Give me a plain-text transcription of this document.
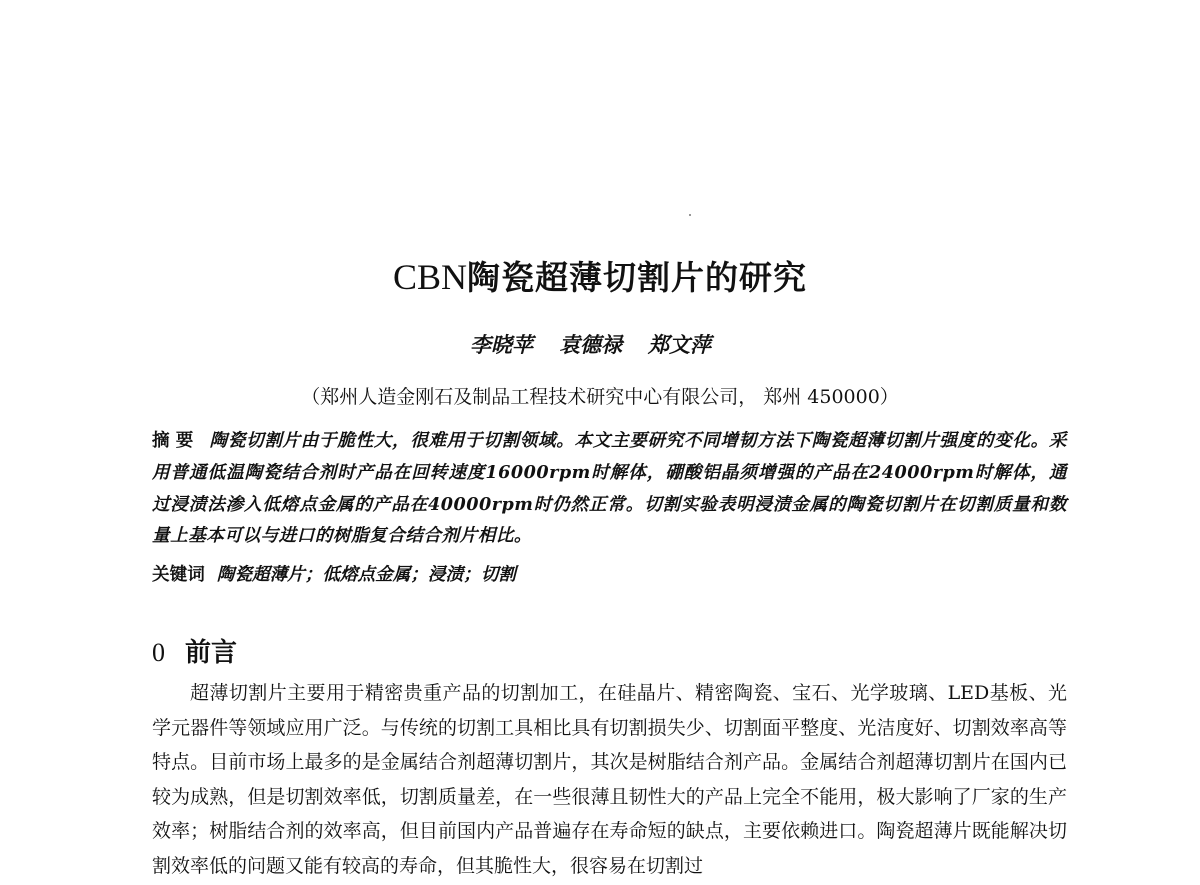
CBN陶瓷超薄切割片的研究
李晓苹 袁德禄 郑文萍
（郑州人造金刚石及制品工程技术研究中心有限公司， 郑州 450000）
摘要 陶瓷切割片由于脆性大，很难用于切割领域。本文主要研究不同增韧方法下陶瓷超薄切割片强度的变化。采用普通低温陶瓷结合剂时产品在回转速度16000rpm时解体，硼酸铝晶须增强的产品在24000rpm时解体，通过浸渍法渗入低熔点金属的产品在40000rpm时仍然正常。切割实验表明浸渍金属的陶瓷切割片在切割质量和数量上基本可以与进口的树脂复合结合剂片相比。
关键词 陶瓷超薄片；低熔点金属；浸渍；切割
0 前言

超薄切割片主要用于精密贵重产品的切割加工，在硅晶片、精密陶瓷、宝石、光学玻璃、LED基板、光学元器件等领域应用广泛。与传统的切割工具相比具有切割损失少、切割面平整度、光洁度好、切割效率高等特点。目前市场上最多的是金属结合剂超薄切割片，其次是树脂结合剂产品。金属结合剂超薄切割片在国内已较为成熟，但是切割效率低，切割质量差，在一些很薄且韧性大的产品上完全不能用，极大影响了厂家的生产效率；树脂结合剂的效率高，但目前国内产品普遍存在寿命短的缺点，主要依赖进口。陶瓷超薄片既能解决切割效率低的问题又能有较高的寿命，但其脆性大，很容易在切割过
